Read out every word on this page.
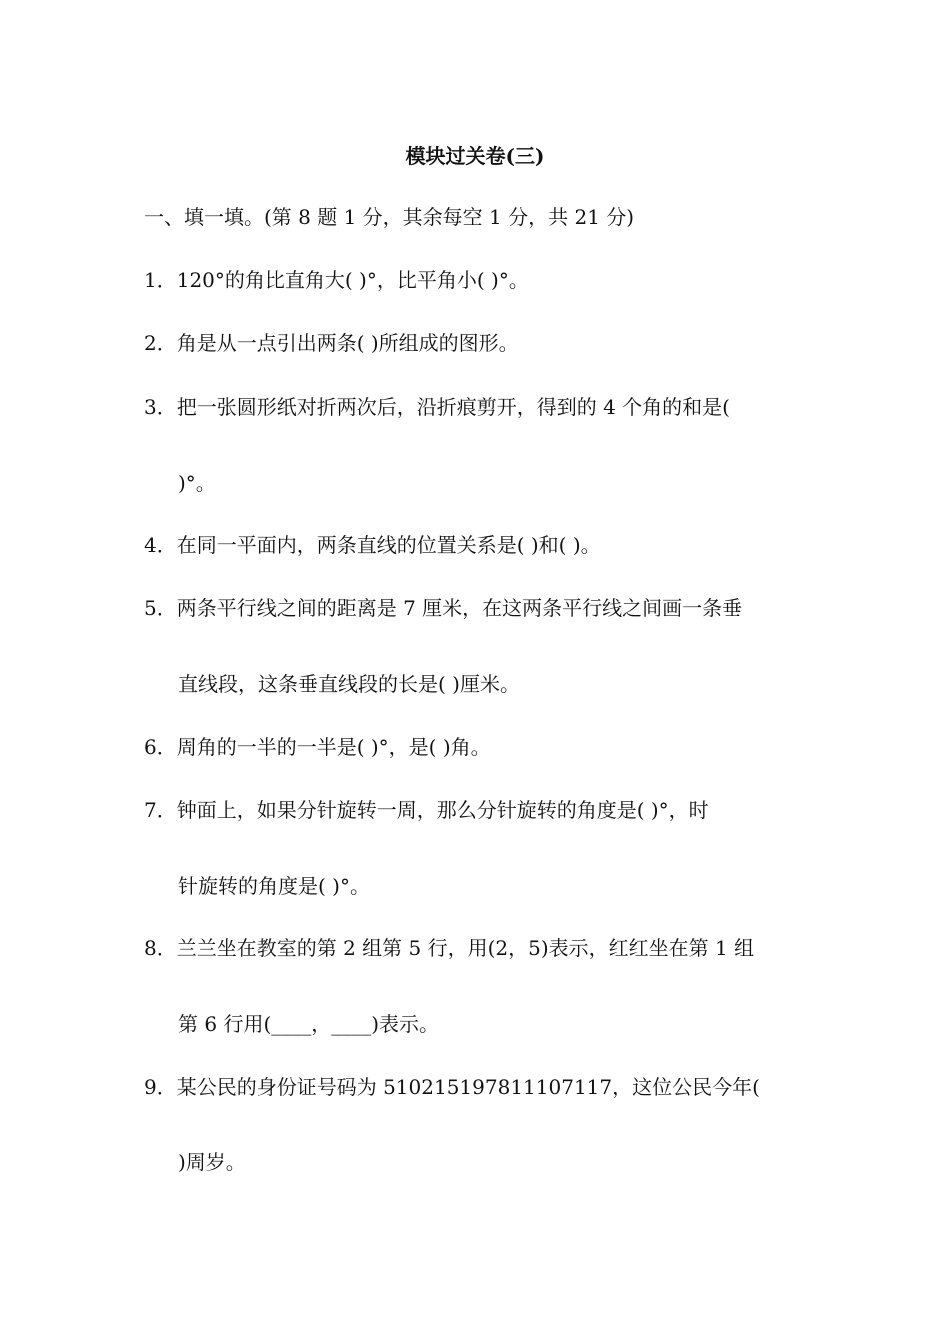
模块过关卷(三)
一、填一填。(第 8 题 1 分，其余每空 1 分，共 21 分)
1．120°的角比直角大( )°，比平角小( )°。
2．角是从一点引出两条( )所组成的图形。
3．把一张圆形纸对折两次后，沿折痕剪开，得到的 4 个角的和是(
)°。
4．在同一平面内，两条直线的位置关系是( )和( )。
5．两条平行线之间的距离是 7 厘米，在这两条平行线之间画一条垂
直线段，这条垂直线段的长是( )厘米。
6．周角的一半的一半是( )°，是( )角。
7．钟面上，如果分针旋转一周，那么分针旋转的角度是( )°，时
针旋转的角度是( )°。
8．兰兰坐在教室的第 2 组第 5 行，用(2，5)表示，红红坐在第 1 组
第 6 行用(____，____)表示。
9．某公民的身份证号码为 510215197811107117，这位公民今年(
)周岁。
